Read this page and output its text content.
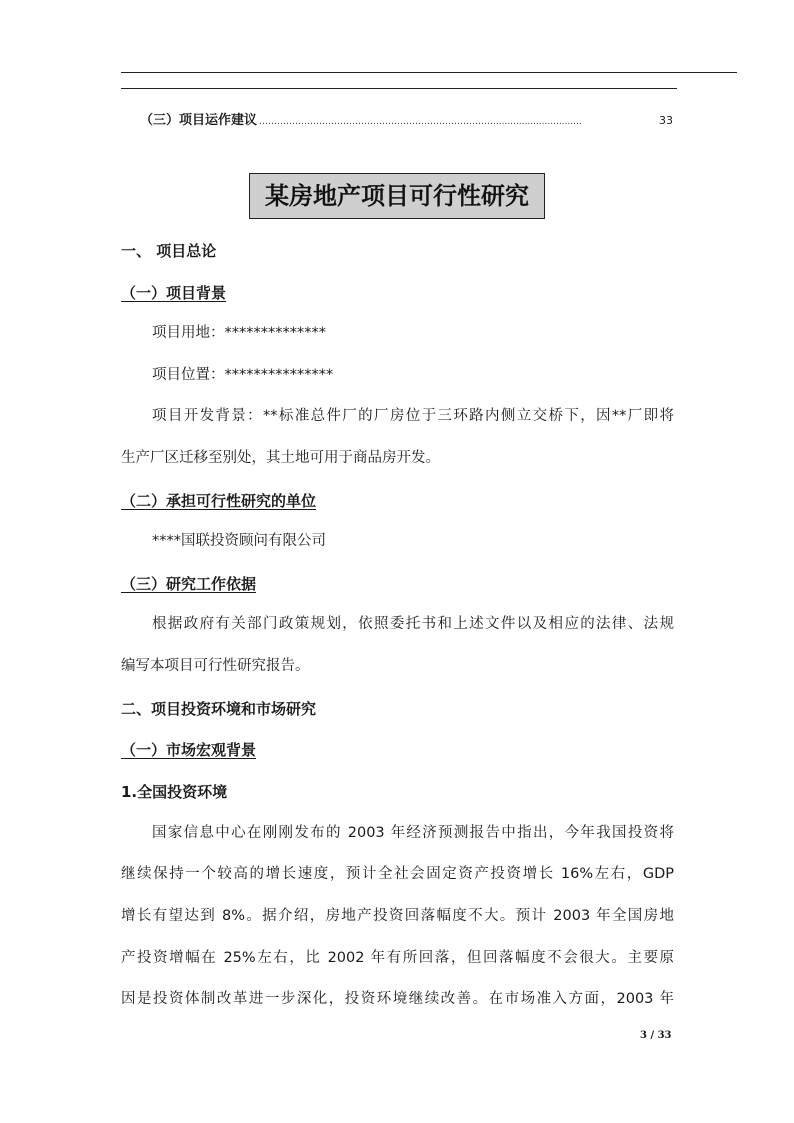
（三）项目运作建议 ……………………………………………………………………...............................	33
某房地产项目可行性研究
一、 项目总论
（一）项目背景
项目用地：**************
项目位置：***************
项目开发背景：**标准总件厂的厂房位于三环路内侧立交桥下，因**厂即将
生产厂区迁移至别处，其土地可用于商品房开发。
（二）承担可行性研究的单位
****国联投资顾问有限公司
（三）研究工作依据
根据政府有关部门政策规划，依照委托书和上述文件以及相应的法律、法规
编写本项目可行性研究报告。
二、项目投资环境和市场研究
（一）市场宏观背景
1.全国投资环境
国家信息中心在刚刚发布的 2003 年经济预测报告中指出，今年我国投资将
继续保持一个较高的增长速度，预计全社会固定资产投资增长 16%左右，GDP
增长有望达到 8%。据介绍，房地产投资回落幅度不大。预计 2003 年全国房地
产投资增幅在 25%左右，比 2002 年有所回落，但回落幅度不会很大。主要原
因是投资体制改革进一步深化，投资环境继续改善。在市场准入方面，2003 年
3 / 33
